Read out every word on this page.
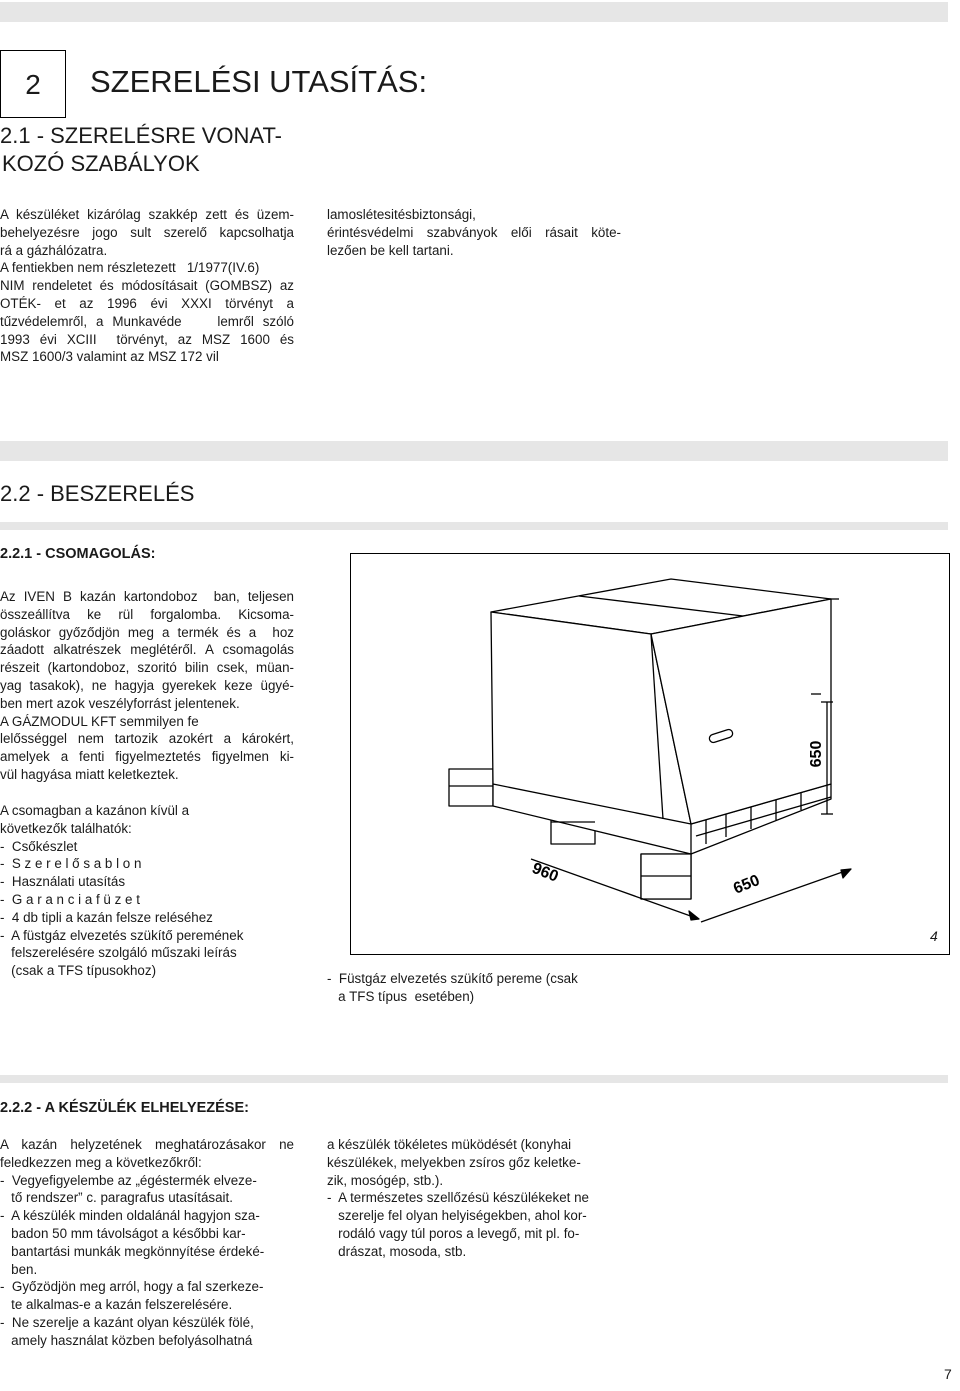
2	SZERELÉSI UTASÍTÁS:
2.1 - SZERELÉSRE VONAT-
KOZÓ SZABÁLYOK
A készüléket kizárólag szakkép zett és üzem-
behelyezésre jogo sult szerelő kapcsolhatja
rá a gázhálózatra.
A fentiekben nem részletezett   1/1977(IV.6)
NIM rendeletet és módosításait (GOMBSZ) az
OTÉK- et az 1996 évi XXXI törvényt a
tűzvédelemről, a Munkavéde    lemről szóló
1993 évi XCIII  törvényt, az MSZ 1600 és
MSZ 1600/3 valamint az MSZ 172 vil
lamoslétesitésbiztonsági,
érintésvédelmi szabványok elői rásait köte-
lezően be kell tartani.
2.2 - BESZERELÉS
2.2.1 - CSOMAGOLÁS:
Az IVEN B kazán kartondoboz  ban, teljesen
összeállítva ke rül forgalomba. Kicsoma-
goláskor győződjön meg a termék és a  hoz
záadott alkatrészek meglétéről. A csomagolás
részeit (kartondoboz, szoritó bilin csek, müan-
yag tasakok), ne hagyja gyerekek keze ügyé-
ben mert azok veszélyforrást jelentenek.
A GÁZMODUL KFT semmilyen fe
lelősséggel nem tartozik azokért a károkért,
amelyek a fenti figyelmeztetés figyelmen ki-
vül hagyása miatt keletkeztek.
A csomagban a kazánon kívül a
következők találhatók:
-  Csőkészlet
-  S z e r e l ő s a b l o n
-  Használati utasítás
-  G a r a n c i a f ü z e t
-  4 db tipli a kazán felsze reléséhez
-  A füstgáz elvezetés szükítő peremének
felszerelésére szolgáló műszaki leírás
(csak a TFS típusokhoz)
650
960	650
4
-  Füstgáz elvezetés szükítő pereme (csak
a TFS típus  esetében)
2.2.2 - A KÉSZÜLÉK ELHELYEZÉSE:
A kazán helyzetének meghatározásakor ne
feledkezzen meg a következőkről:
-  Vegyefigyelembe az „égéstermék elveze-
tő rendszer” c. paragrafus utasításait.
-  A készülék minden oldalánál hagyjon sza-
badon 50 mm távolságot a későbbi kar-
bantartási munkák megkönnyítése érdeké-
ben.
-  Győzödjön meg arról, hogy a fal szerkeze-
te alkalmas-e a kazán felszerelésére.
-  Ne szerelje a kazánt olyan készülék fölé,
amely használat közben befolyásolhatná
a készülék tökéletes müködését (konyhai
készülékek, melyekben zsíros gőz keletke-
zik, mosógép, stb.).
-  A természetes szellőzésü készülékeket ne
szerelje fel olyan helyiségekben, ahol kor-
rodáló vagy túl poros a levegő, mit pl. fo-
drászat, mosoda, stb.
7
